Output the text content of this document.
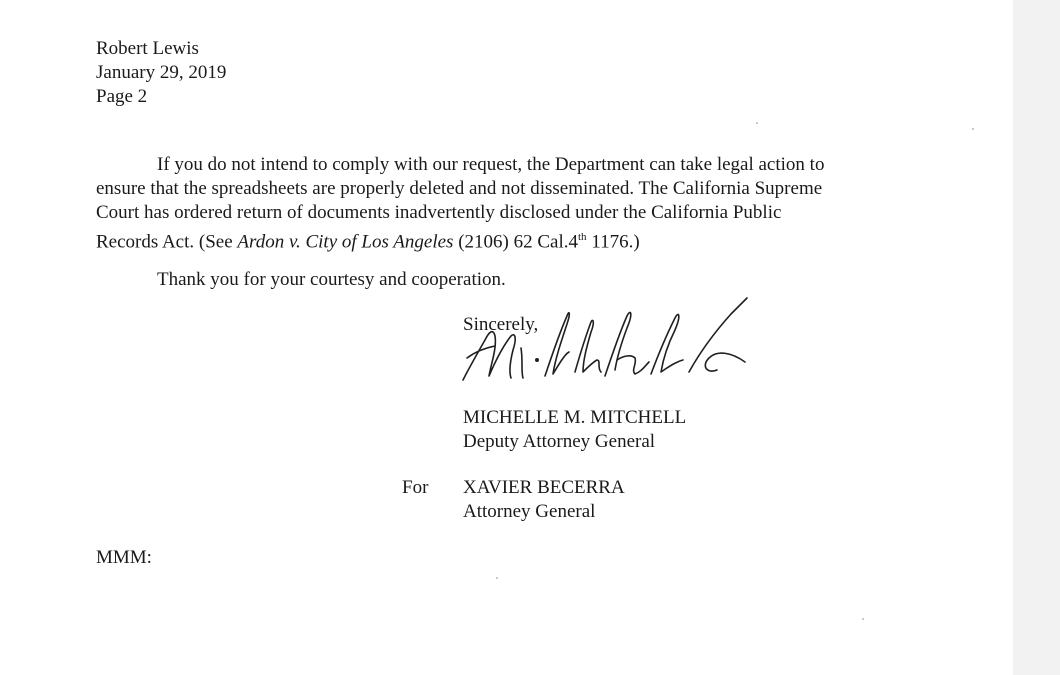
Robert Lewis
January 29, 2019
Page 2
If you do not intend to comply with our request, the Department can take legal action to
ensure that the spreadsheets are properly deleted and not disseminated. The California Supreme
Court has ordered return of documents inadvertently disclosed under the California Public
Records Act. (See Ardon v. City of Los Angeles (2106) 62 Cal.4th 1176.)
Thank you for your courtesy and cooperation.
Sincerely,
MICHELLE M. MITCHELL
Deputy Attorney General
For XAVIER BECERRA
Attorney General
MMM:
